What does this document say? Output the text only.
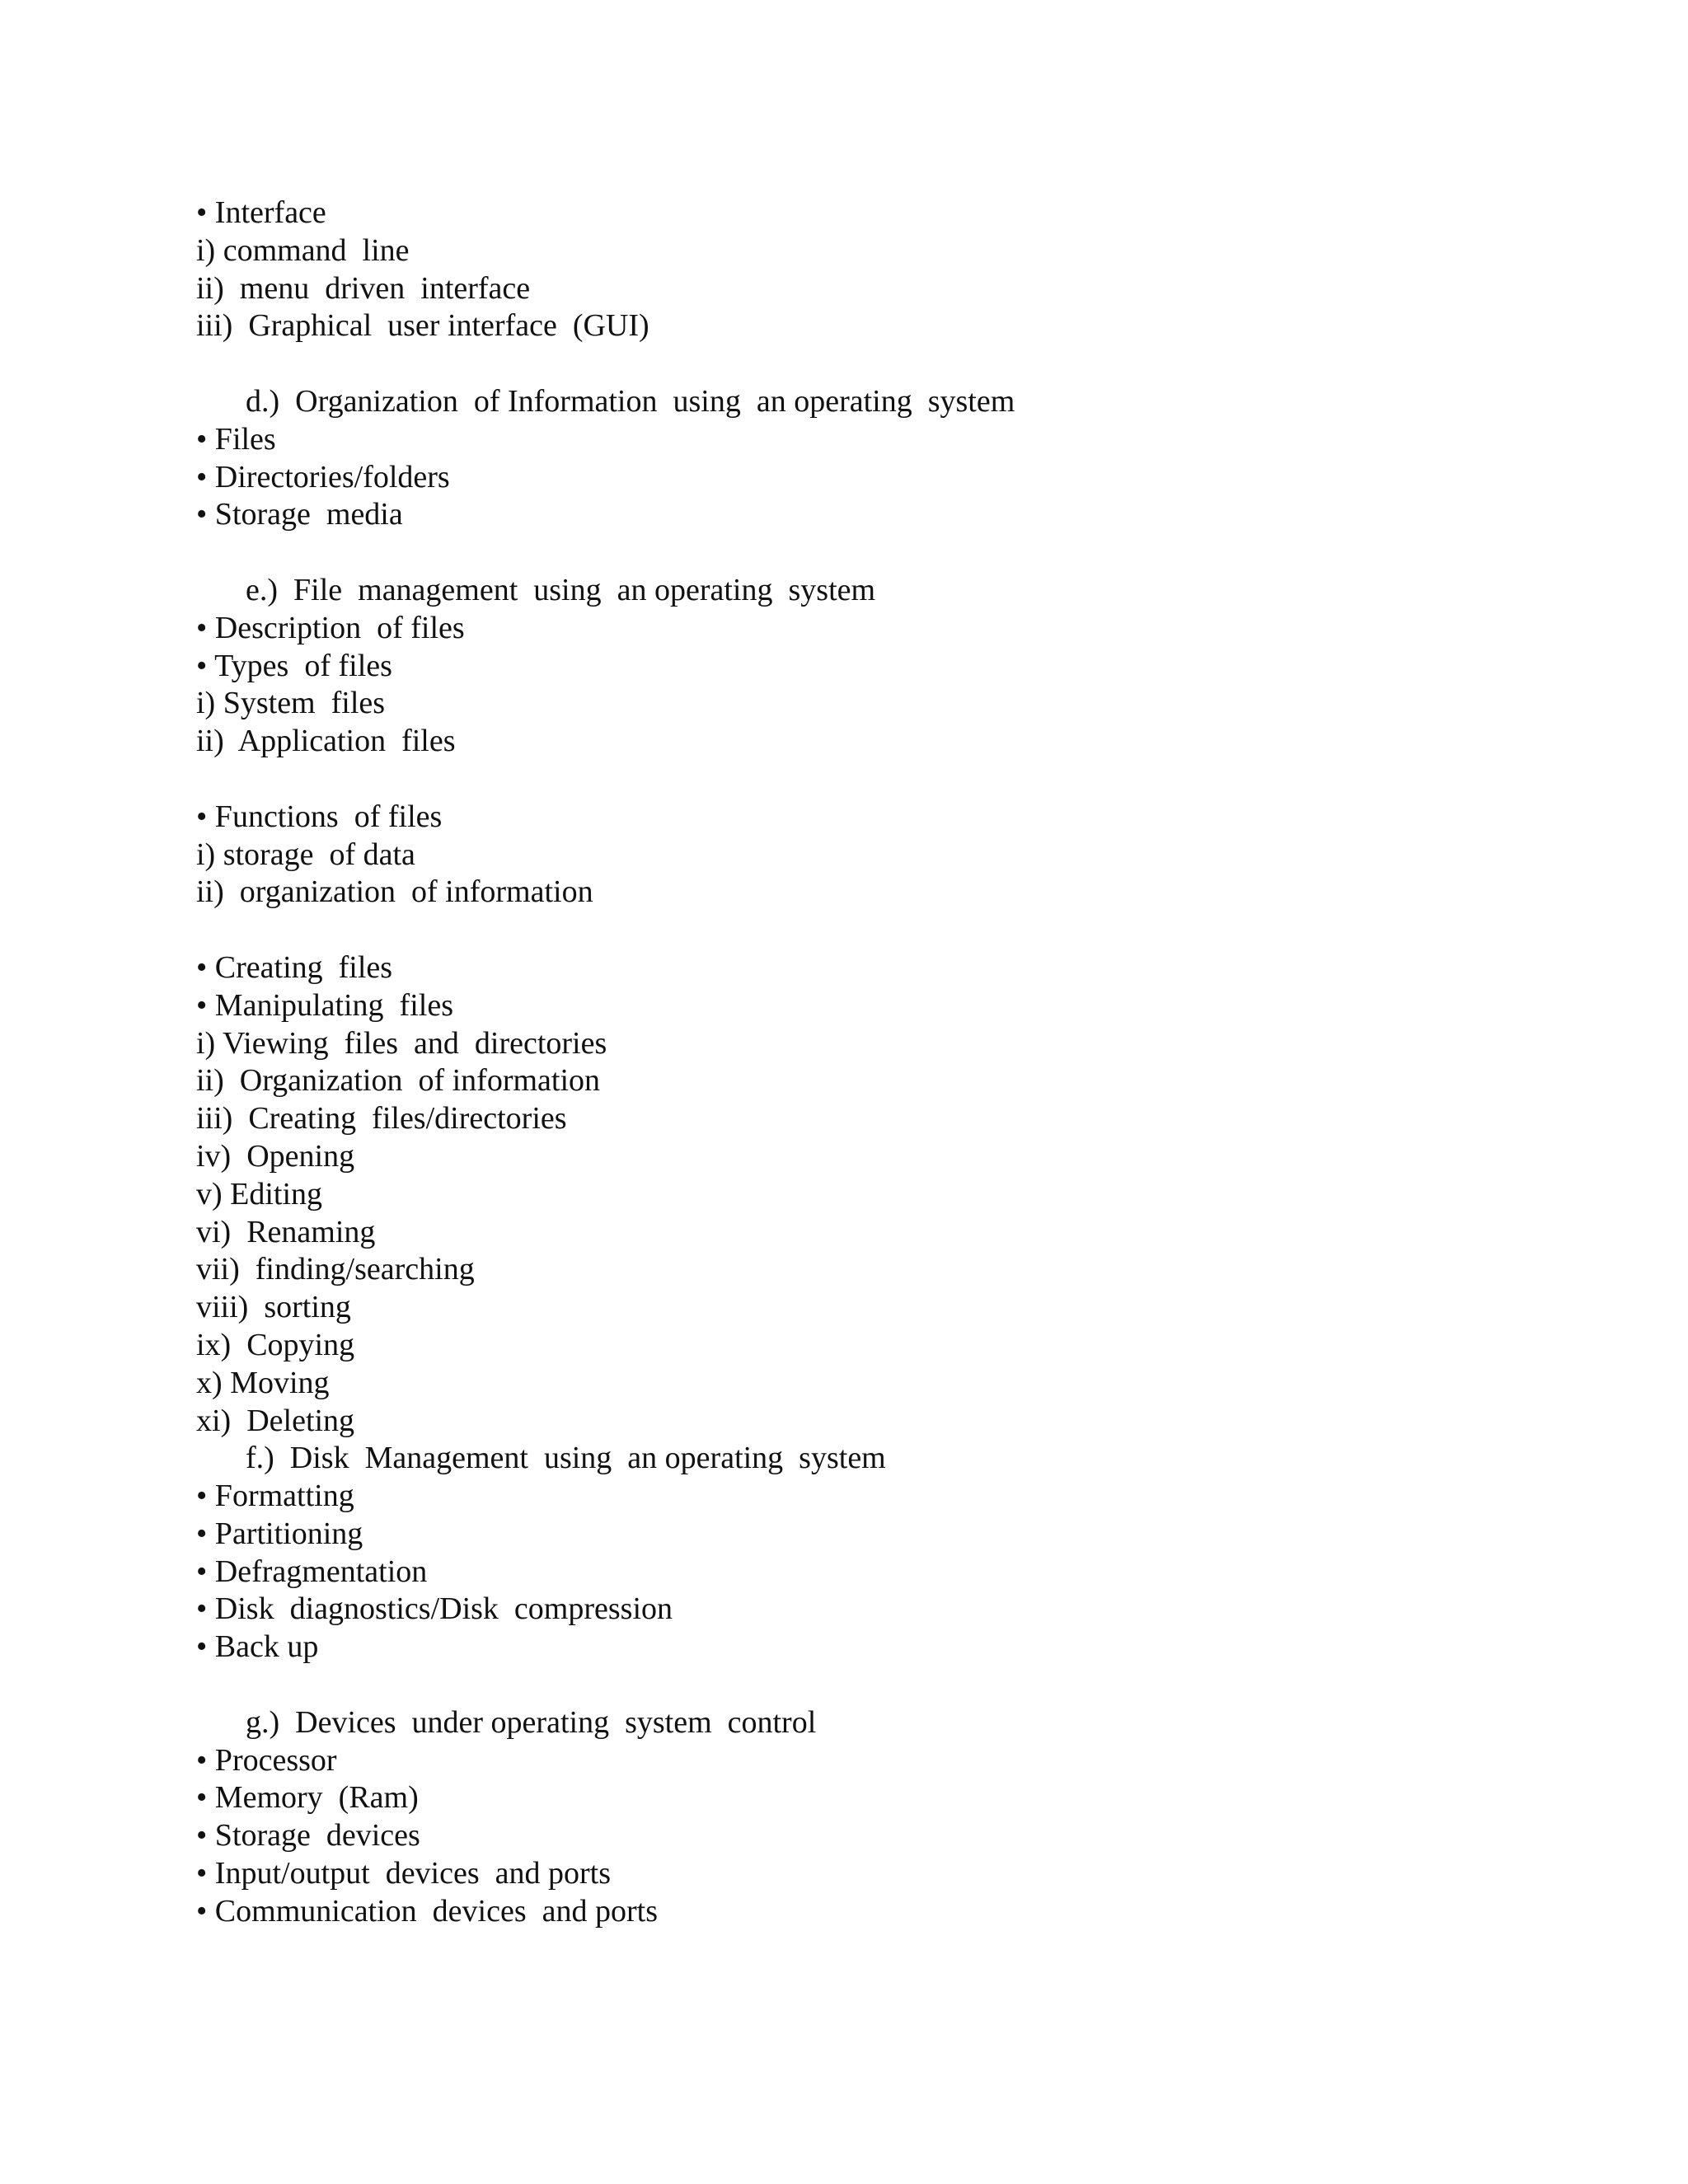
• Interface
i) command  line
ii)  menu  driven  interface
iii)  Graphical  user interface  (GUI)
d.)  Organization  of Information  using  an operating  system
• Files
• Directories/folders
• Storage  media
e.)  File  management  using  an operating  system
• Description  of files
• Types  of files
i) System  files
ii)  Application  files
• Functions  of files
i) storage  of data
ii)  organization  of information
• Creating  files
• Manipulating  files
i) Viewing  files  and  directories
ii)  Organization  of information
iii)  Creating  files/directories
iv)  Opening
v) Editing
vi)  Renaming
vii)  finding/searching
viii)  sorting
ix)  Copying
x) Moving
xi)  Deleting
f.)  Disk  Management  using  an operating  system
• Formatting
• Partitioning
• Defragmentation
• Disk  diagnostics/Disk  compression
• Back up
g.)  Devices  under operating  system  control
• Processor
• Memory  (Ram)
• Storage  devices
• Input/output  devices  and ports
• Communication  devices  and ports
